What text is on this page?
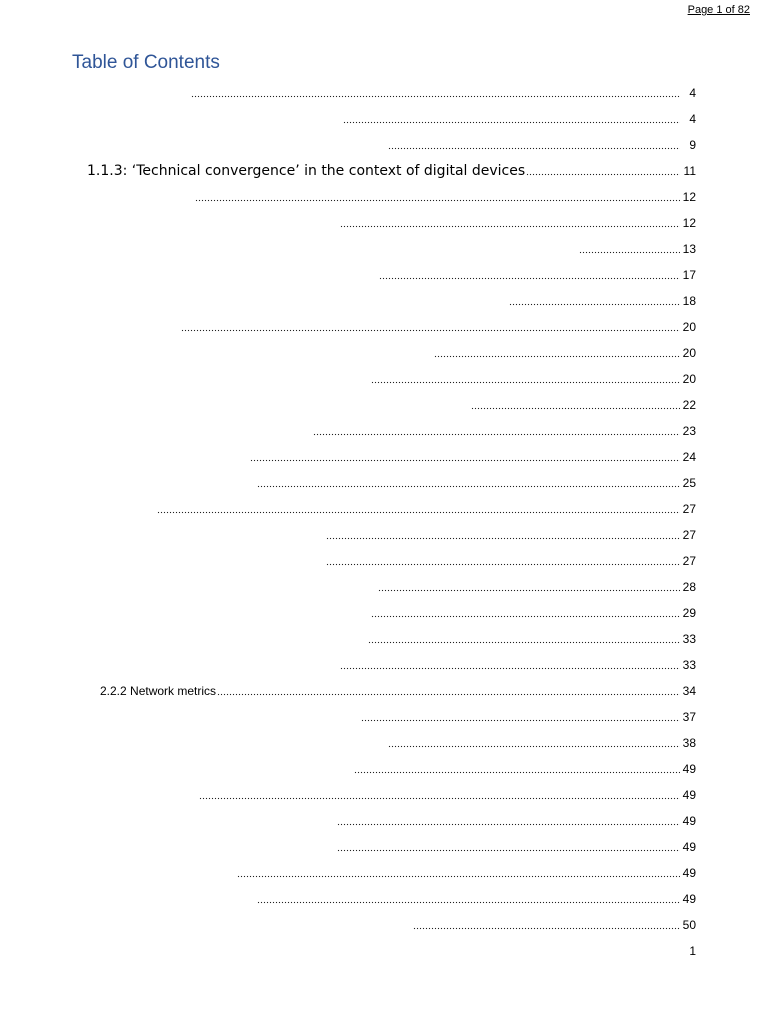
Page 1 of 82
Table of Contents
4
4
9
1.1.3: ‘Technical convergence’ in the context of digital devices	11
12
12
13
17
18
20
20
20
22
23
24
25
27
27
27
28
29
33
33
2.2.2 Network metrics	34
37
38
49
49
49
49
49
49
50
1
